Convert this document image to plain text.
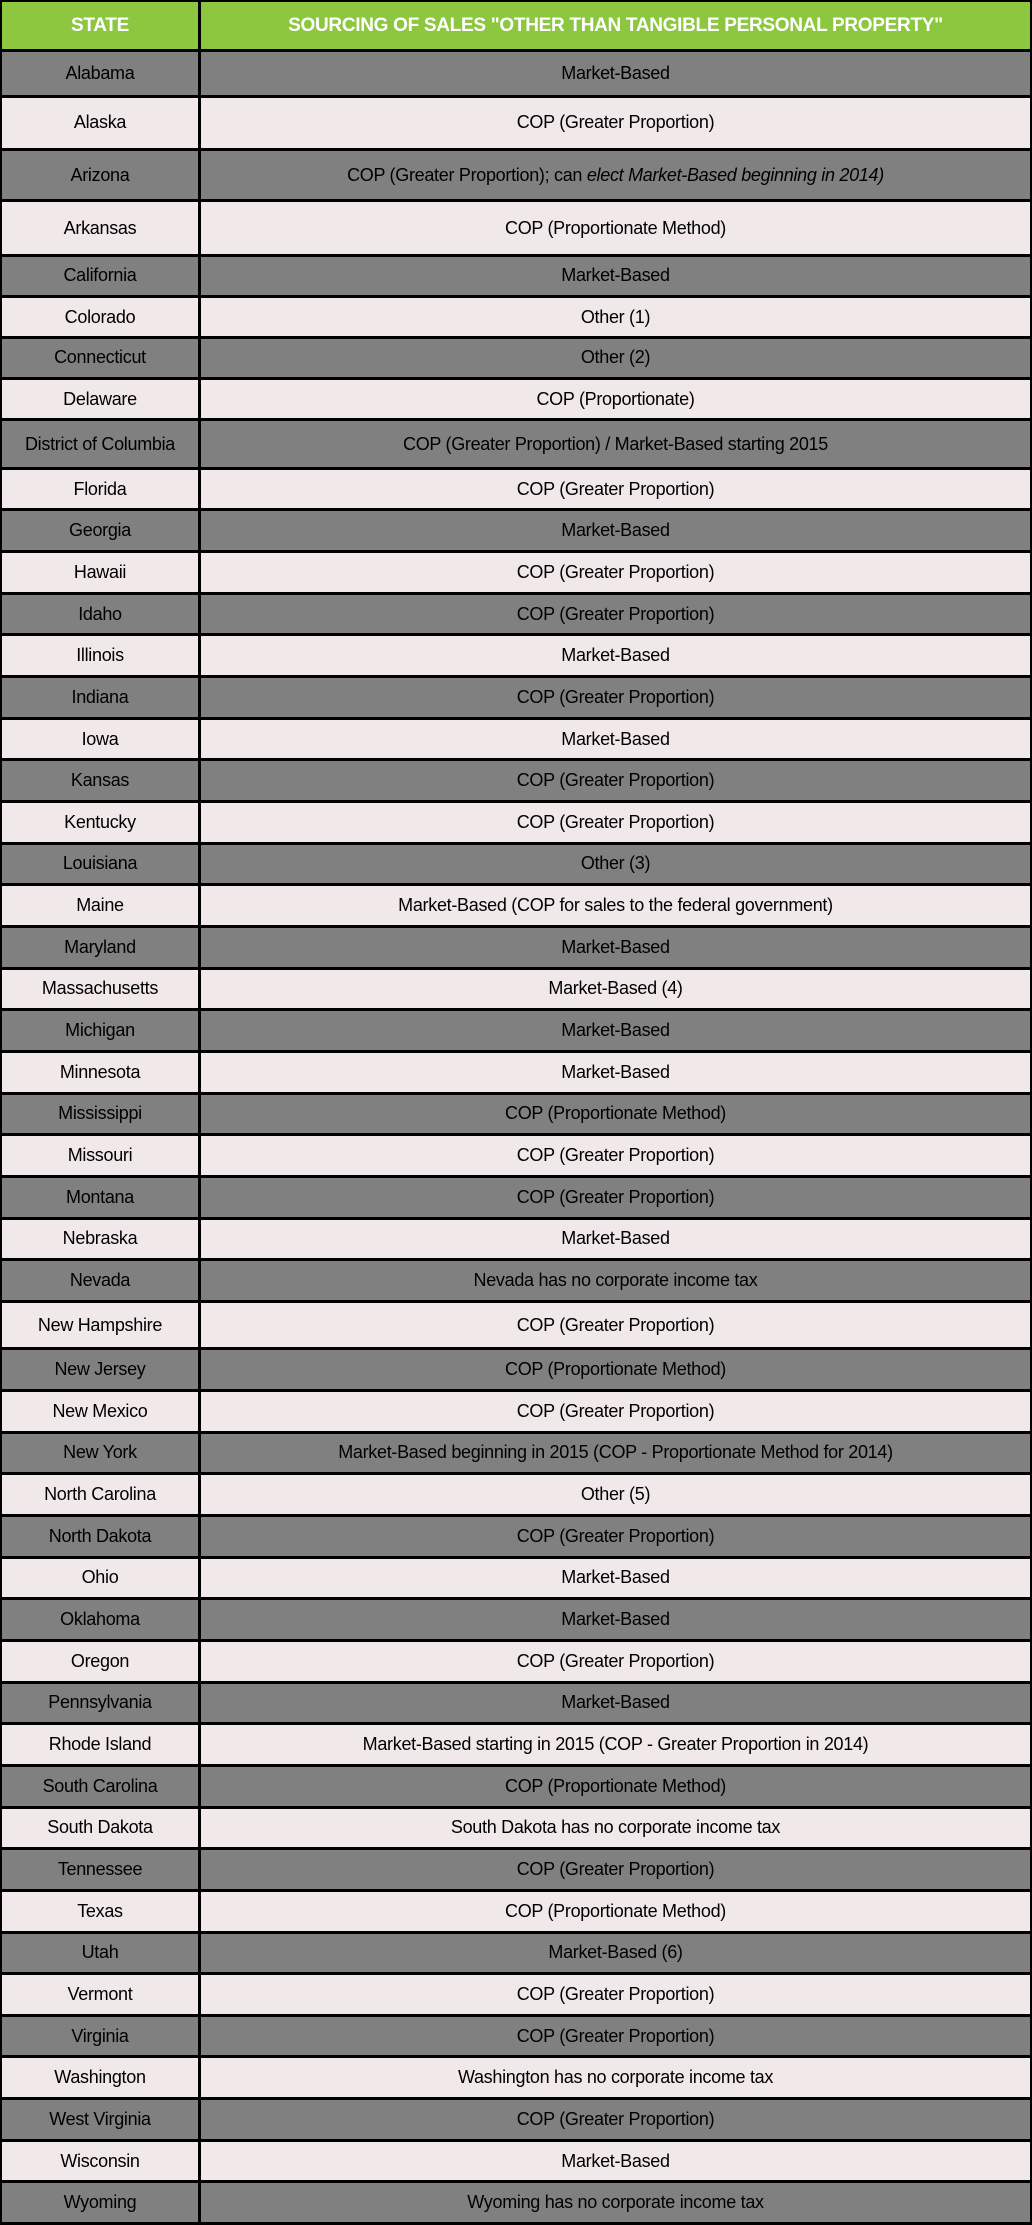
STATE	SOURCING OF SALES "OTHER THAN TANGIBLE PERSONAL PROPERTY"
Alabama	Market-Based
Alaska	COP (Greater Proportion)
Arizona	COP (Greater Proportion); can elect Market-Based beginning in 2014)
Arkansas	COP (Proportionate Method)
California	Market-Based
Colorado	Other (1)
Connecticut	Other (2)
Delaware	COP (Proportionate)
District of Columbia	COP (Greater Proportion) / Market-Based starting 2015
Florida	COP (Greater Proportion)
Georgia	Market-Based
Hawaii	COP (Greater Proportion)
Idaho	COP (Greater Proportion)
Illinois	Market-Based
Indiana	COP (Greater Proportion)
Iowa	Market-Based
Kansas	COP (Greater Proportion)
Kentucky	COP (Greater Proportion)
Louisiana	Other (3)
Maine	Market-Based (COP for sales to the federal government)
Maryland	Market-Based
Massachusetts	Market-Based (4)
Michigan	Market-Based
Minnesota	Market-Based
Mississippi	COP (Proportionate Method)
Missouri	COP (Greater Proportion)
Montana	COP (Greater Proportion)
Nebraska	Market-Based
Nevada	Nevada has no corporate income tax
New Hampshire	COP (Greater Proportion)
New Jersey	COP (Proportionate Method)
New Mexico	COP (Greater Proportion)
New York	Market-Based beginning in 2015 (COP - Proportionate Method for 2014)
North Carolina	Other (5)
North Dakota	COP (Greater Proportion)
Ohio	Market-Based
Oklahoma	Market-Based
Oregon	COP (Greater Proportion)
Pennsylvania	Market-Based
Rhode Island	Market-Based starting in 2015 (COP - Greater Proportion in 2014)
South Carolina	COP (Proportionate Method)
South Dakota	South Dakota has no corporate income tax
Tennessee	COP (Greater Proportion)
Texas	COP (Proportionate Method)
Utah	Market-Based (6)
Vermont	COP (Greater Proportion)
Virginia	COP (Greater Proportion)
Washington	Washington has no corporate income tax
West Virginia	COP (Greater Proportion)
Wisconsin	Market-Based
Wyoming	Wyoming has no corporate income tax
